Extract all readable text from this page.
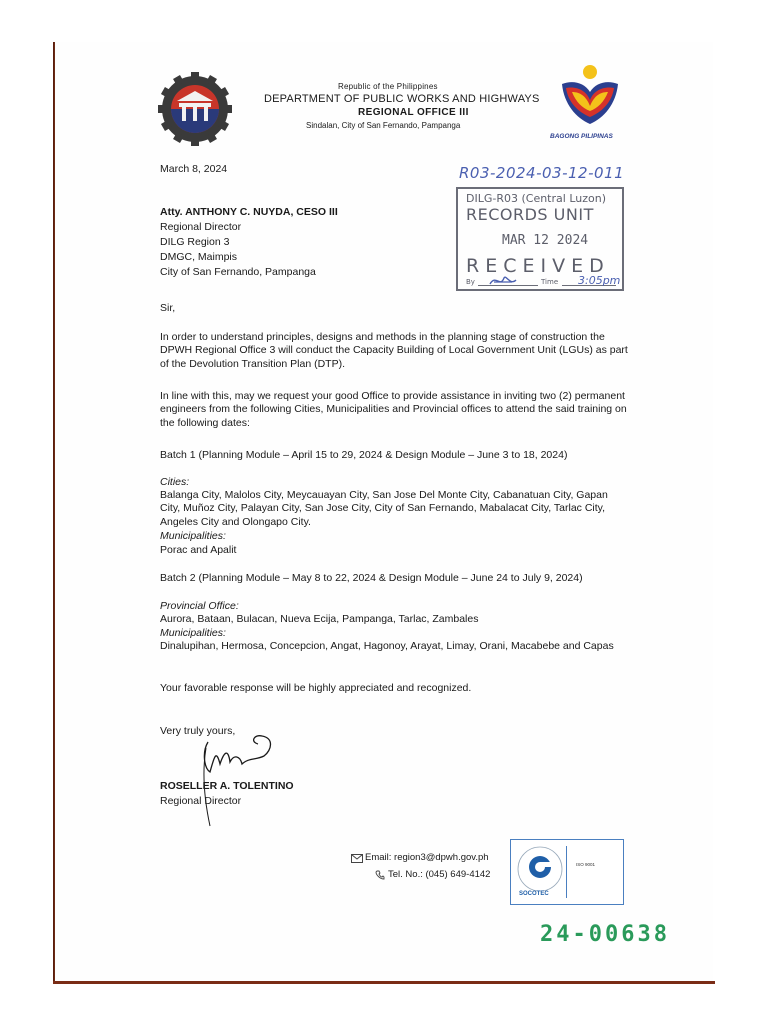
Republic of the Philippines
DEPARTMENT OF PUBLIC WORKS AND HIGHWAYS
REGIONAL OFFICE III
Sindalan, City of San Fernando, Pampanga
BAGONG PILIPINAS
March 8, 2024
Atty. ANTHONY C. NUYDA, CESO III
Regional Director
DILG Region 3
DMGC, Maimpis
City of San Fernando, Pampanga
R03-2024-03-12-011
DILG-R03 (Central Luzon)
RECORDS UNIT
MAR 12 2024
RECEIVED
By	Time 3:05pm
Sir,
In order to understand principles, designs and methods in the planning stage of construction the DPWH Regional Office 3 will conduct the Capacity Building of Local Government Unit (LGUs) as part of the Devolution Transition Plan (DTP).
In line with this, may we request your good Office to provide assistance in inviting two (2) permanent engineers from the following Cities, Municipalities and Provincial offices to attend the said training on the following dates:
Batch 1 (Planning Module – April 15 to 29, 2024 & Design Module – June 3 to 18, 2024)
Cities:
Balanga City, Malolos City, Meycauayan City, San Jose Del Monte City, Cabanatuan City, Gapan City, Muñoz City, Palayan City, San Jose City, City of San Fernando, Mabalacat City, Tarlac City, Angeles City and Olongapo City.
Municipalities:
Porac and Apalit
Batch 2 (Planning Module – May 8 to 22, 2024 & Design Module – June 24 to July 9, 2024)
Provincial Office:
Aurora, Bataan, Bulacan, Nueva Ecija, Pampanga, Tarlac, Zambales
Municipalities:
Dinalupihan, Hermosa, Concepcion, Angat, Hagonoy, Arayat, Limay, Orani, Macabebe and Capas
Your favorable response will be highly appreciated and recognized.
Very truly yours,
ROSELLER A. TOLENTINO
Regional Director
Email: region3@dpwh.gov.ph
Tel. No.: (045) 649-4142
SOCOTEC
ISO 9001
24-00638
